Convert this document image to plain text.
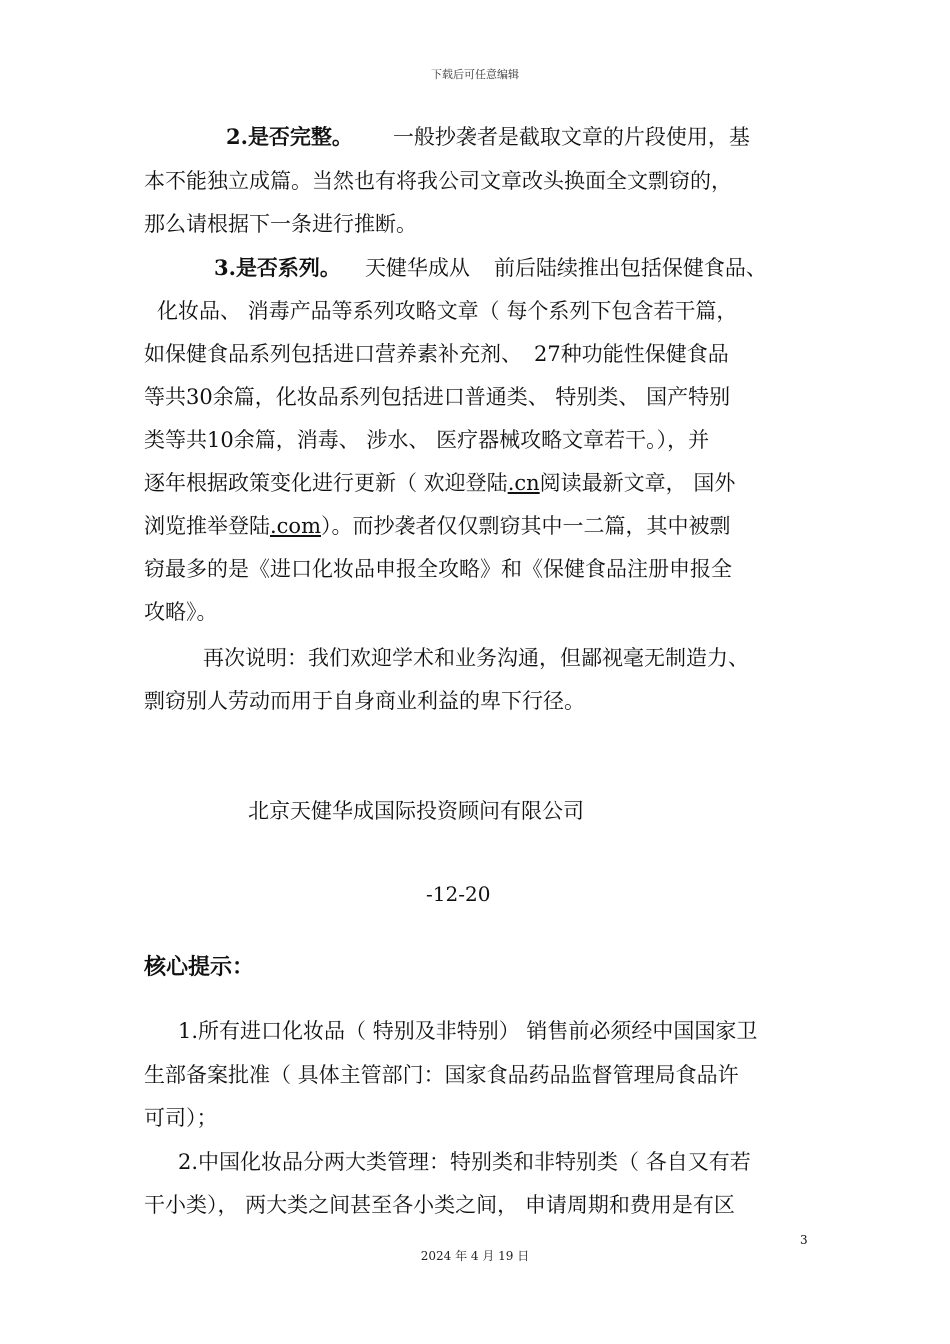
下载后可任意编辑
2.是否完整。 一般抄袭者是截取文章的片段使用，基
本不能独立成篇。当然也有将我公司文章改头换面全文剽窃的，
那么请根据下一条进行推断。
3.是否系列。 天健华成从 前后陆续推出包括保健食品、
化妆品、 消毒产品等系列攻略文章（ 每个系列下包含若干篇，
如保健食品系列包括进口营养素补充剂、 27种功能性保健食品
等共30余篇，化妆品系列包括进口普通类、 特别类、 国产特别
类等共10余篇，消毒、 涉水、 医疗器械攻略文章若干。），并
逐年根据政策变化进行更新（ 欢迎登陆.cn阅读最新文章， 国外
浏览推举登陆.com）。而抄袭者仅仅剽窃其中一二篇，其中被剽
窃最多的是《进口化妆品申报全攻略》和《保健食品注册申报全
攻略》。
再次说明：我们欢迎学术和业务沟通，但鄙视毫无制造力、
剽窃别人劳动而用于自身商业利益的卑下行径。
北京天健华成国际投资顾问有限公司
-12-20
核心提示：
1.所有进口化妆品（ 特别及非特别） 销售前必须经中国国家卫
生部备案批准（ 具体主管部门：国家食品药品监督管理局食品许
可司）；
2.中国化妆品分两大类管理：特别类和非特别类（ 各自又有若
干小类）， 两大类之间甚至各小类之间， 申请周期和费用是有区
3
2024 年 4 月 19 日
